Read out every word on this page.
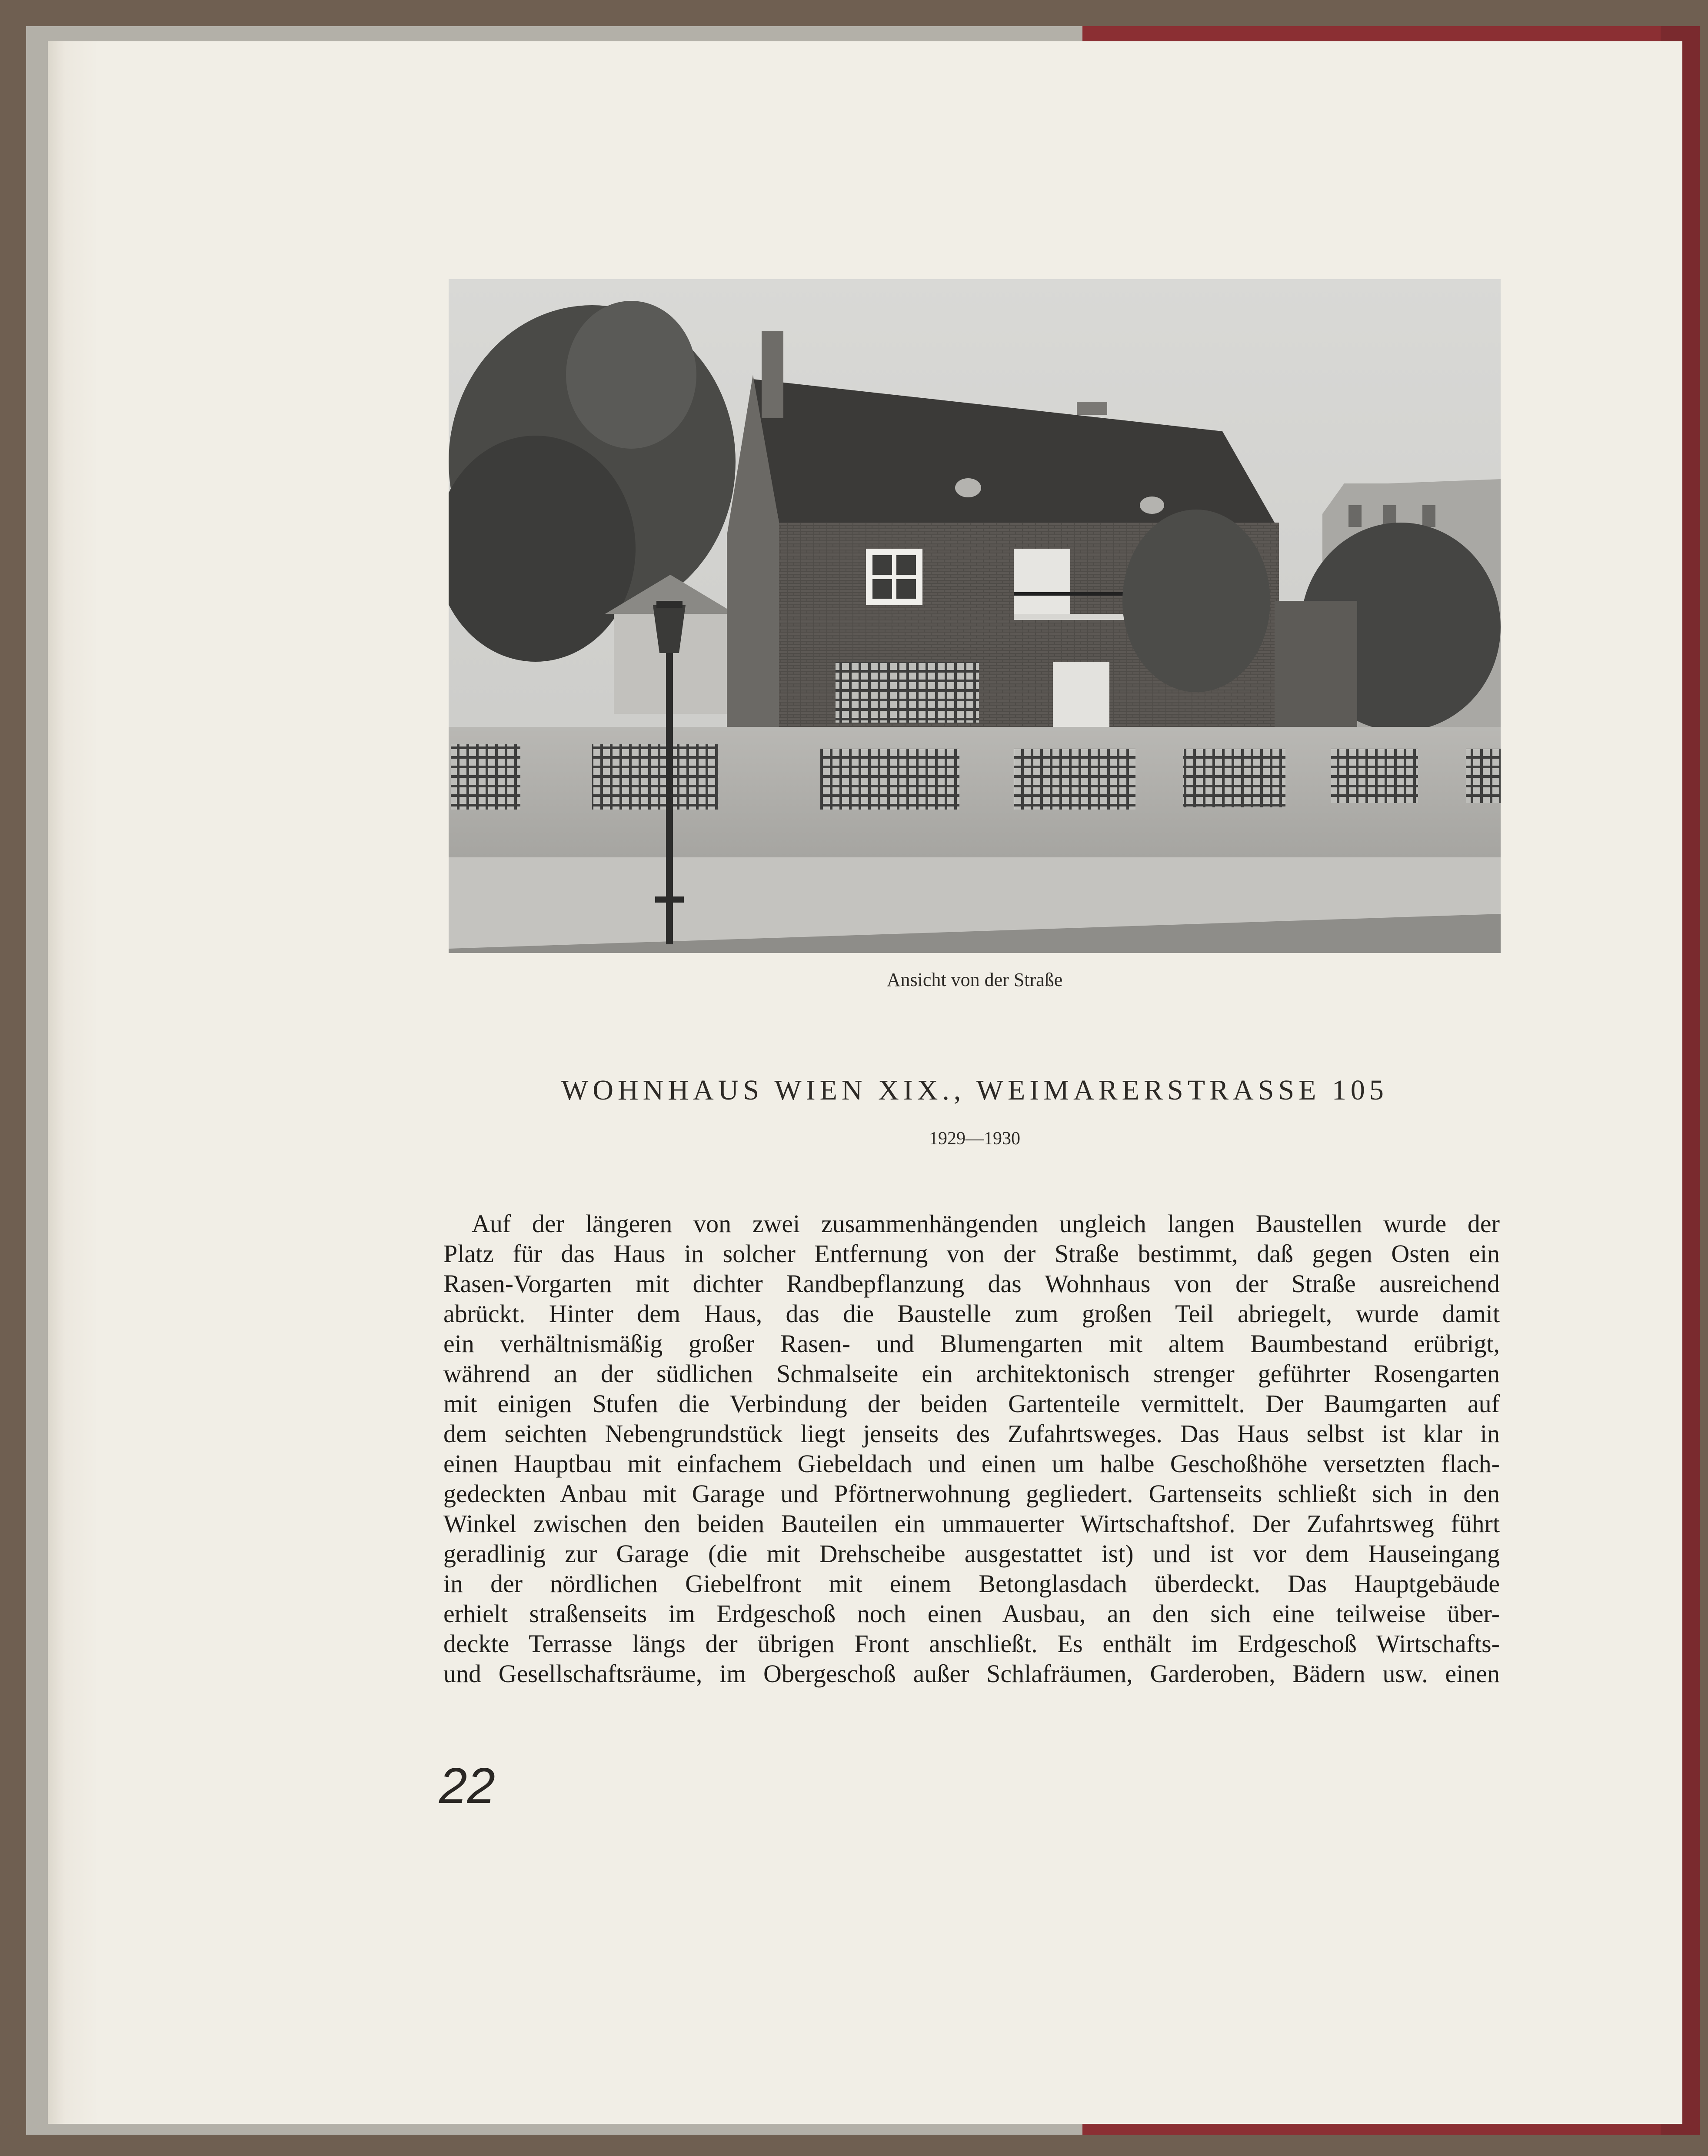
Ansicht von der Straße
WOHNHAUS WIEN XIX., WEIMARERSTRASSE 105
1929—1930
Auf der längeren von zwei zusammenhängenden ungleich langen Baustellen wurde der
Platz für das Haus in solcher Entfernung von der Straße bestimmt, daß gegen Osten ein
Rasen-Vorgarten mit dichter Randbepflanzung das Wohnhaus von der Straße ausreichend
abrückt. Hinter dem Haus, das die Baustelle zum großen Teil abriegelt, wurde damit
ein verhältnismäßig großer Rasen- und Blumengarten mit altem Baumbestand erübrigt,
während an der südlichen Schmalseite ein architektonisch strenger geführter Rosengarten
mit einigen Stufen die Verbindung der beiden Gartenteile vermittelt. Der Baumgarten auf
dem seichten Nebengrundstück liegt jenseits des Zufahrtsweges. Das Haus selbst ist klar in
einen Hauptbau mit einfachem Giebeldach und einen um halbe Geschoßhöhe versetzten flach-
gedeckten Anbau mit Garage und Pförtnerwohnung gegliedert. Gartenseits schließt sich in den
Winkel zwischen den beiden Bauteilen ein ummauerter Wirtschaftshof. Der Zufahrtsweg führt
geradlinig zur Garage (die mit Drehscheibe ausgestattet ist) und ist vor dem Hauseingang
in der nördlichen Giebelfront mit einem Betonglasdach überdeckt. Das Hauptgebäude
erhielt straßenseits im Erdgeschoß noch einen Ausbau, an den sich eine teilweise über-
deckte Terrasse längs der übrigen Front anschließt. Es enthält im Erdgeschoß Wirtschafts-
und Gesellschaftsräume, im Obergeschoß außer Schlafräumen, Garderoben, Bädern usw. einen
22
